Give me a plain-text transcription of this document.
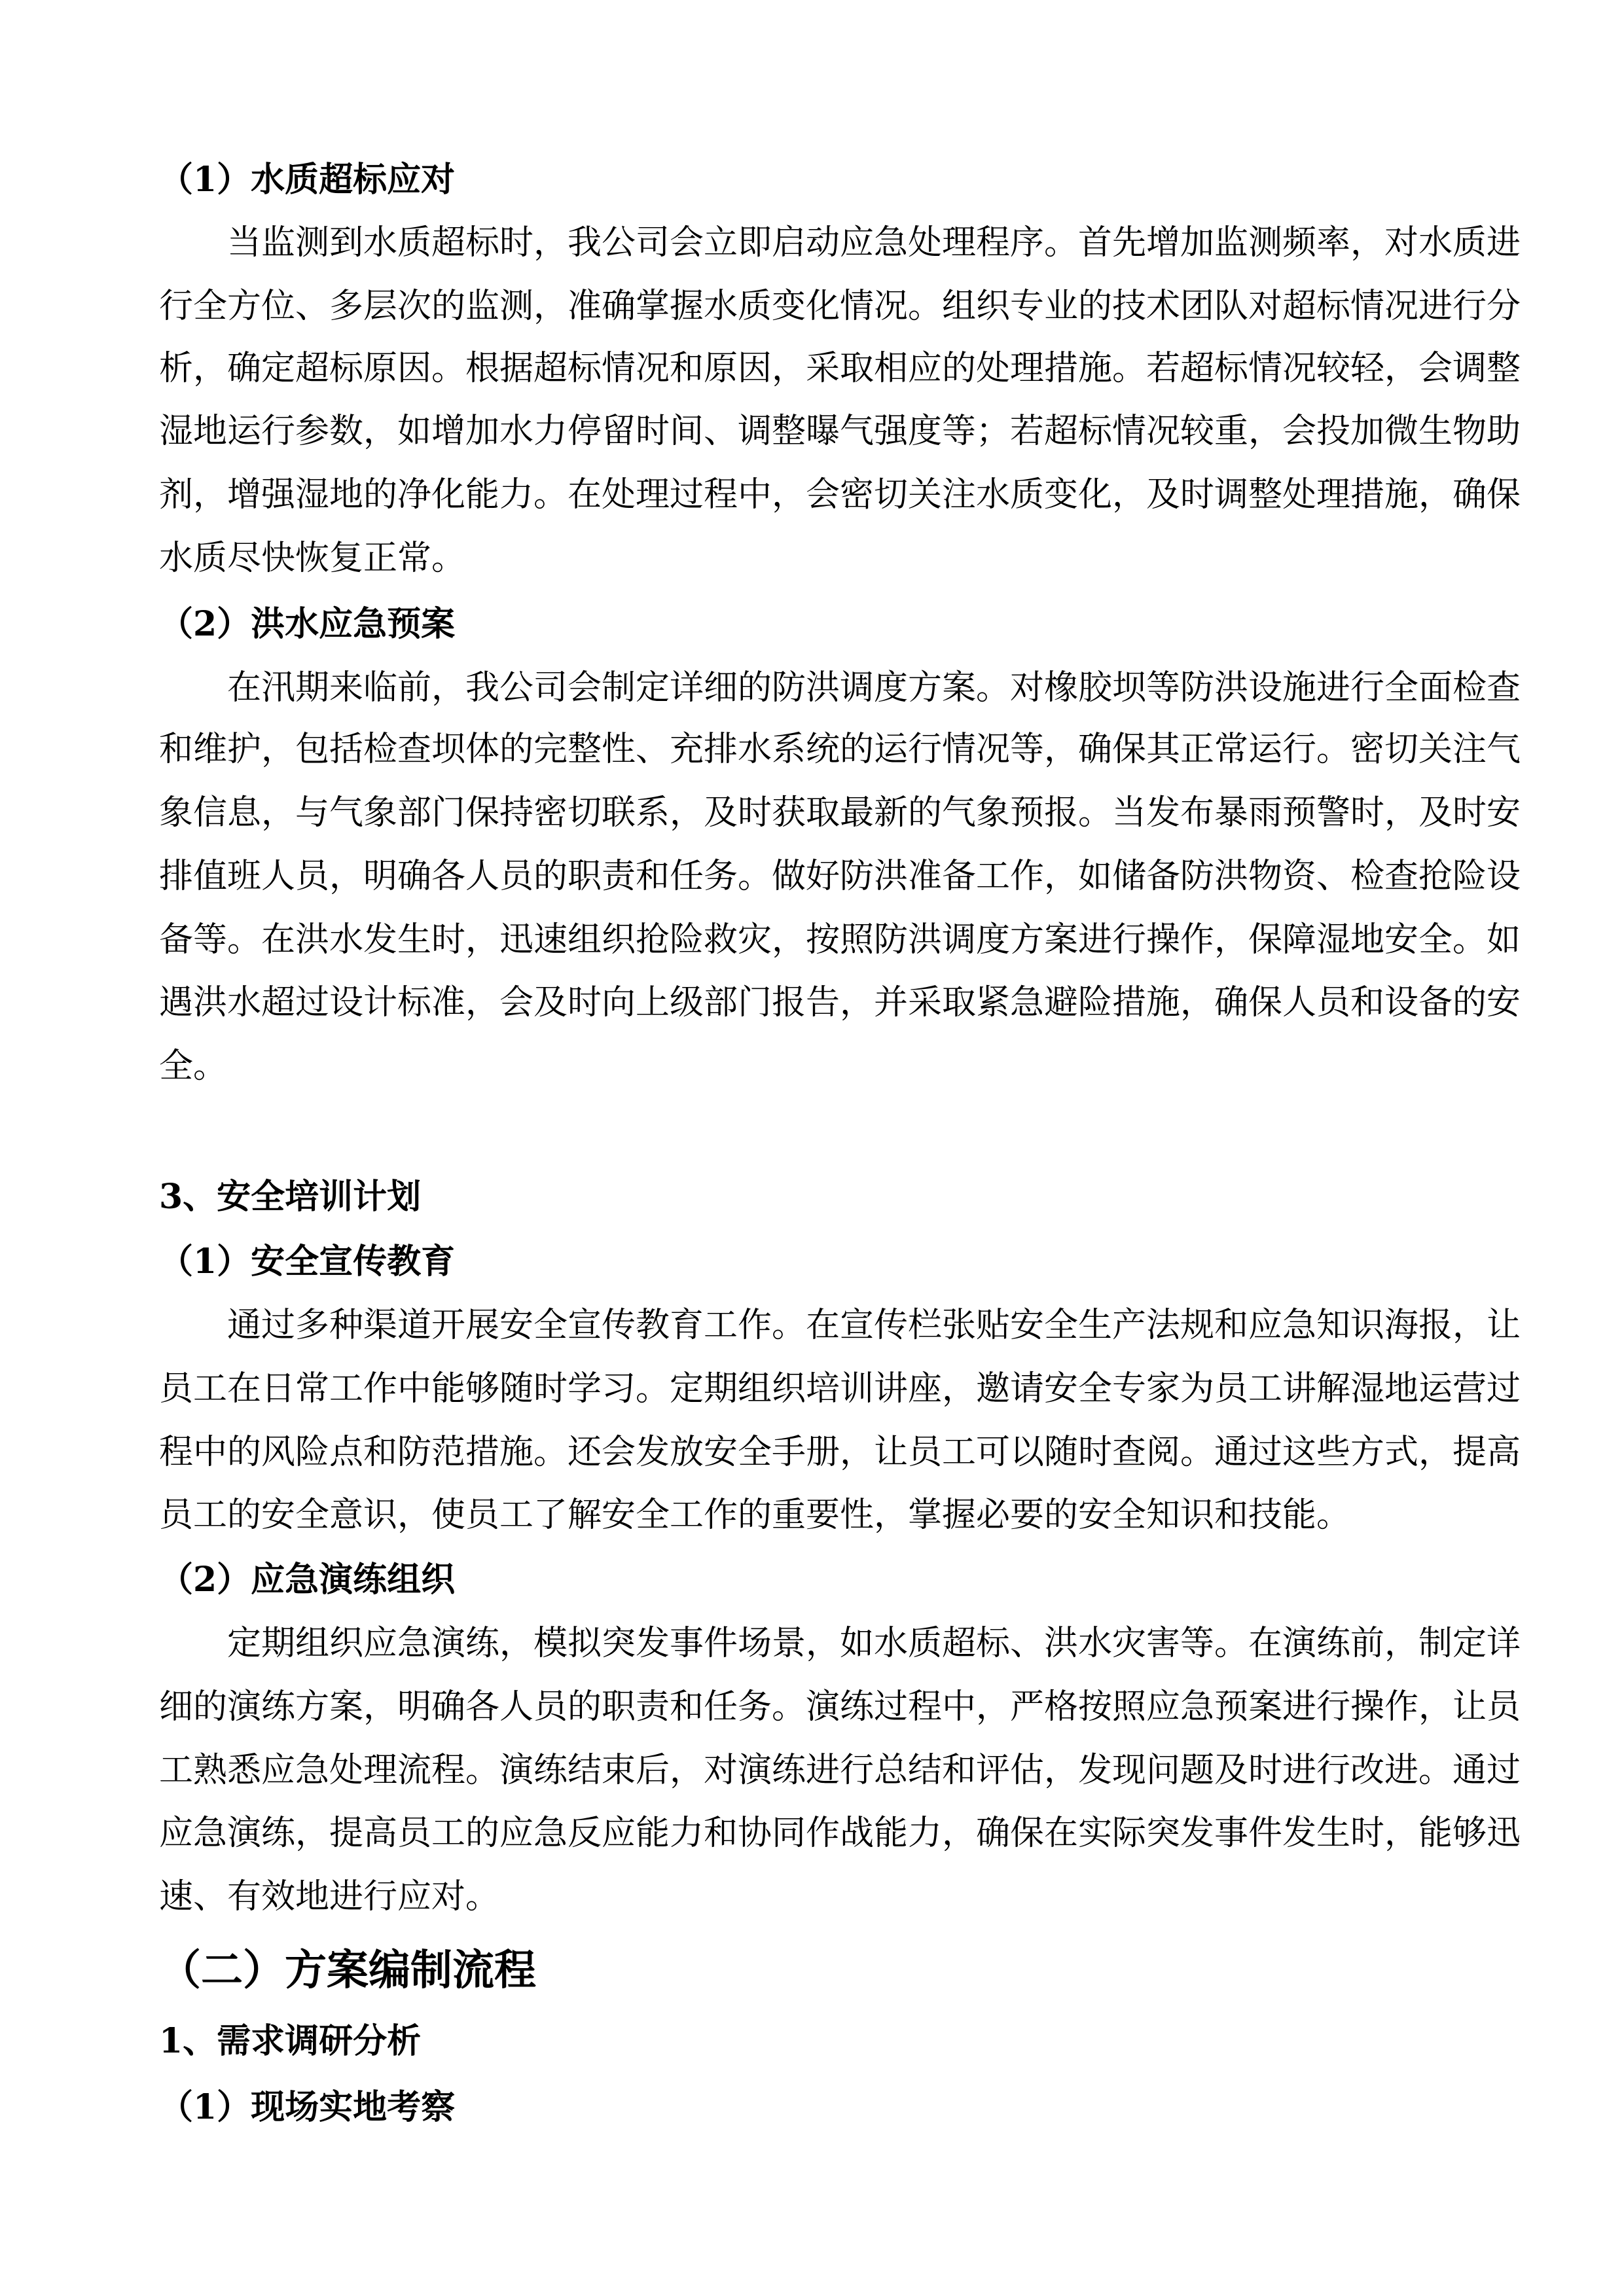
（1）水质超标应对
当监测到水质超标时，我公司会立即启动应急处理程序。首先增加监测频率，对水质进
行全方位、多层次的监测，准确掌握水质变化情况。组织专业的技术团队对超标情况进行分
析，确定超标原因。根据超标情况和原因，采取相应的处理措施。若超标情况较轻，会调整
湿地运行参数，如增加水力停留时间、调整曝气强度等；若超标情况较重，会投加微生物助
剂，增强湿地的净化能力。在处理过程中，会密切关注水质变化，及时调整处理措施，确保
水质尽快恢复正常。
（2）洪水应急预案
在汛期来临前，我公司会制定详细的防洪调度方案。对橡胶坝等防洪设施进行全面检查
和维护，包括检查坝体的完整性、充排水系统的运行情况等，确保其正常运行。密切关注气
象信息，与气象部门保持密切联系，及时获取最新的气象预报。当发布暴雨预警时，及时安
排值班人员，明确各人员的职责和任务。做好防洪准备工作，如储备防洪物资、检查抢险设
备等。在洪水发生时，迅速组织抢险救灾，按照防洪调度方案进行操作，保障湿地安全。如
遇洪水超过设计标准，会及时向上级部门报告，并采取紧急避险措施，确保人员和设备的安
全。
3、安全培训计划
（1）安全宣传教育
通过多种渠道开展安全宣传教育工作。在宣传栏张贴安全生产法规和应急知识海报，让
员工在日常工作中能够随时学习。定期组织培训讲座，邀请安全专家为员工讲解湿地运营过
程中的风险点和防范措施。还会发放安全手册，让员工可以随时查阅。通过这些方式，提高
员工的安全意识，使员工了解安全工作的重要性，掌握必要的安全知识和技能。
（2）应急演练组织
定期组织应急演练，模拟突发事件场景，如水质超标、洪水灾害等。在演练前，制定详
细的演练方案，明确各人员的职责和任务。演练过程中，严格按照应急预案进行操作，让员
工熟悉应急处理流程。演练结束后，对演练进行总结和评估，发现问题及时进行改进。通过
应急演练，提高员工的应急反应能力和协同作战能力，确保在实际突发事件发生时，能够迅
速、有效地进行应对。
（二）方案编制流程
1、需求调研分析
（1）现场实地考察
